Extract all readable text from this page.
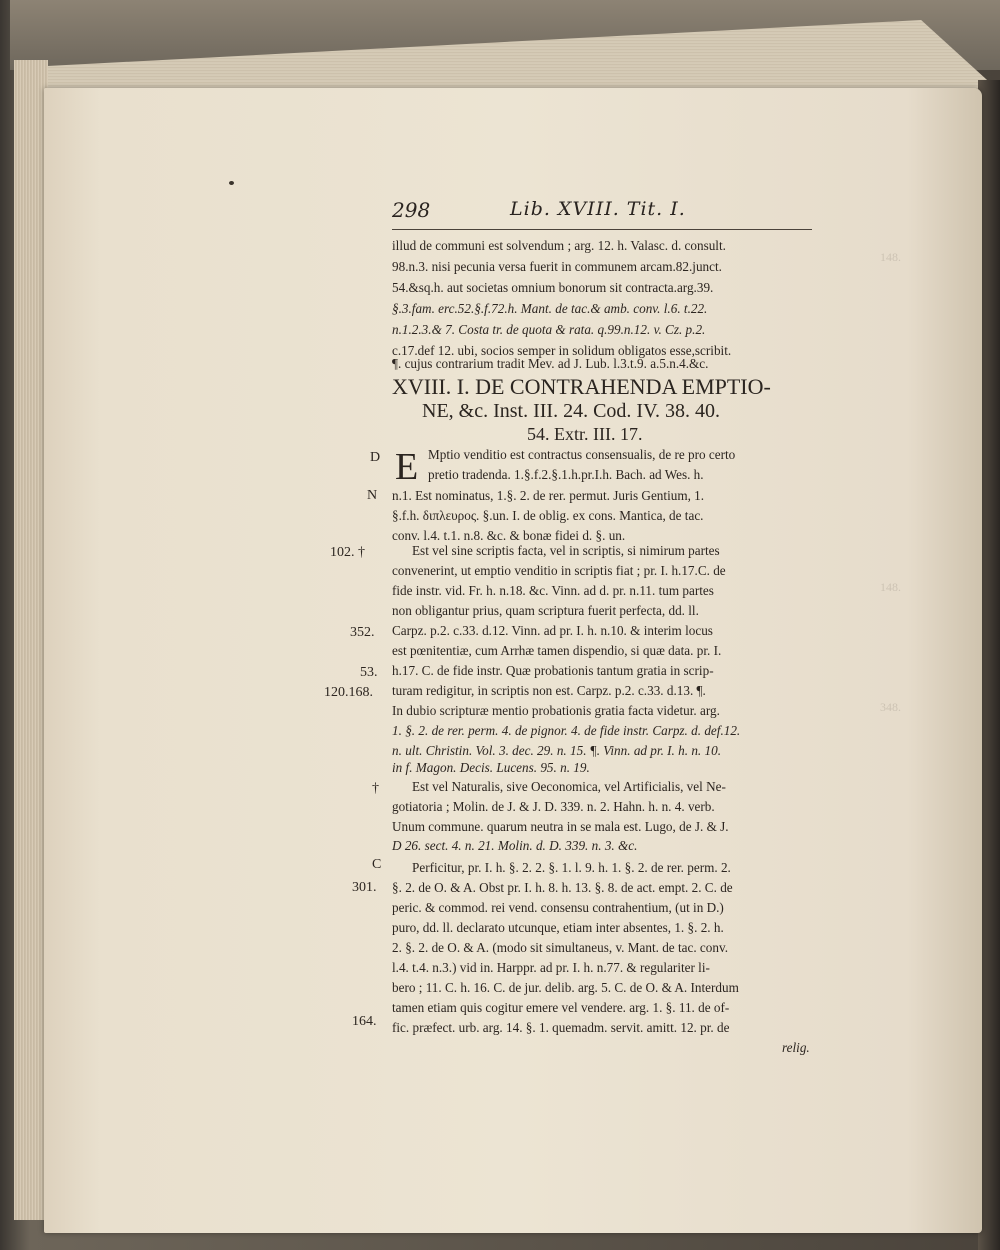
148.
148.
348.
298	Lib. XVIII. Tit. I.
illud de communi est solvendum ; arg. 12. h. Valasc. d. consult.
98.n.3. nisi pecunia versa fuerit in communem arcam.82.junct.
54.&sq.h. aut societas omnium bonorum sit contracta.arg.39.
§.3.fam. erc.52.§.f.72.h. Mant. de tac.& amb. conv. l.6. t.22.
n.1.2.3.& 7. Costa tr. de quota & rata. q.99.n.12. v. Cz. p.2.
c.17.def 12. ubi, socios semper in solidum obligatos esse,scribit.
¶. cujus contrarium tradit Mev. ad J. Lub. l.3.t.9. a.5.n.4.&c.
XVIII. I. DE CONTRAHENDA EMPTIO-
NE, &c. Inst. III. 24. Cod. IV. 38. 40.
54. Extr. III. 17.
E Mptio venditio est contractus consensualis, de re pro certo
pretio tradenda. 1.§.f.2.§.1.h.pr.I.h. Bach. ad Wes. h.
n.1. Est nominatus, 1.§. 2. de rer. permut. Juris Gentium, 1.
§.f.h. διπλευρος. §.un. I. de oblig. ex cons. Mantica, de tac.
conv. l.4. t.1. n.8. &c. & bonæ fidei d. §. un.
Est vel sine scriptis facta, vel in scriptis, si nimirum partes
convenerint, ut emptio venditio in scriptis fiat ; pr. I. h.17.C. de
fide instr. vid. Fr. h. n.18. &c. Vinn. ad d. pr. n.11. tum partes
non obligantur prius, quam scriptura fuerit perfecta, dd. ll.
Carpz. p.2. c.33. d.12. Vinn. ad pr. I. h. n.10. & interim locus
est pœnitentiæ, cum Arrhæ tamen dispendio, si quæ data. pr. I.
h.17. C. de fide instr. Quæ probationis tantum gratia in scrip-
turam redigitur, in scriptis non est. Carpz. p.2. c.33. d.13. ¶.
In dubio scripturæ mentio probationis gratia facta videtur. arg.
1. §. 2. de rer. perm. 4. de pignor. 4. de fide instr. Carpz. d. def.12.
n. ult. Christin. Vol. 3. dec. 29. n. 15. ¶. Vinn. ad pr. I. h. n. 10.
in f. Magon. Decis. Lucens. 95. n. 19.
Est vel Naturalis, sive Oeconomica, vel Artificialis, vel Ne-
gotiatoria ; Molin. de J. & J. D. 339. n. 2. Hahn. h. n. 4. verb.
Unum commune. quarum neutra in se mala est. Lugo, de J. & J.
D 26. sect. 4. n. 21. Molin. d. D. 339. n. 3. &c.
Perficitur, pr. I. h. §. 2. 2. §. 1. l. 9. h. 1. §. 2. de rer. perm. 2.
§. 2. de O. & A. Obst pr. I. h. 8. h. 13. §. 8. de act. empt. 2. C. de
peric. & commod. rei vend. consensu contrahentium, (ut in D.)
puro, dd. ll. declarato utcunque, etiam inter absentes, 1. §. 2. h.
2. §. 2. de O. & A. (modo sit simultaneus, v. Mant. de tac. conv.
l.4. t.4. n.3.) vid in. Harppr. ad pr. I. h. n.77. & regulariter li-
bero ; 11. C. h. 16. C. de jur. delib. arg. 5. C. de O. & A. Interdum
tamen etiam quis cogitur emere vel vendere. arg. 1. §. 11. de of-
fic. præfect. urb. arg. 14. §. 1. quemadm. servit. amitt. 12. pr. de
relig.
D
N
102. †
352.
53.
120.168.
†
C
301.
164.
